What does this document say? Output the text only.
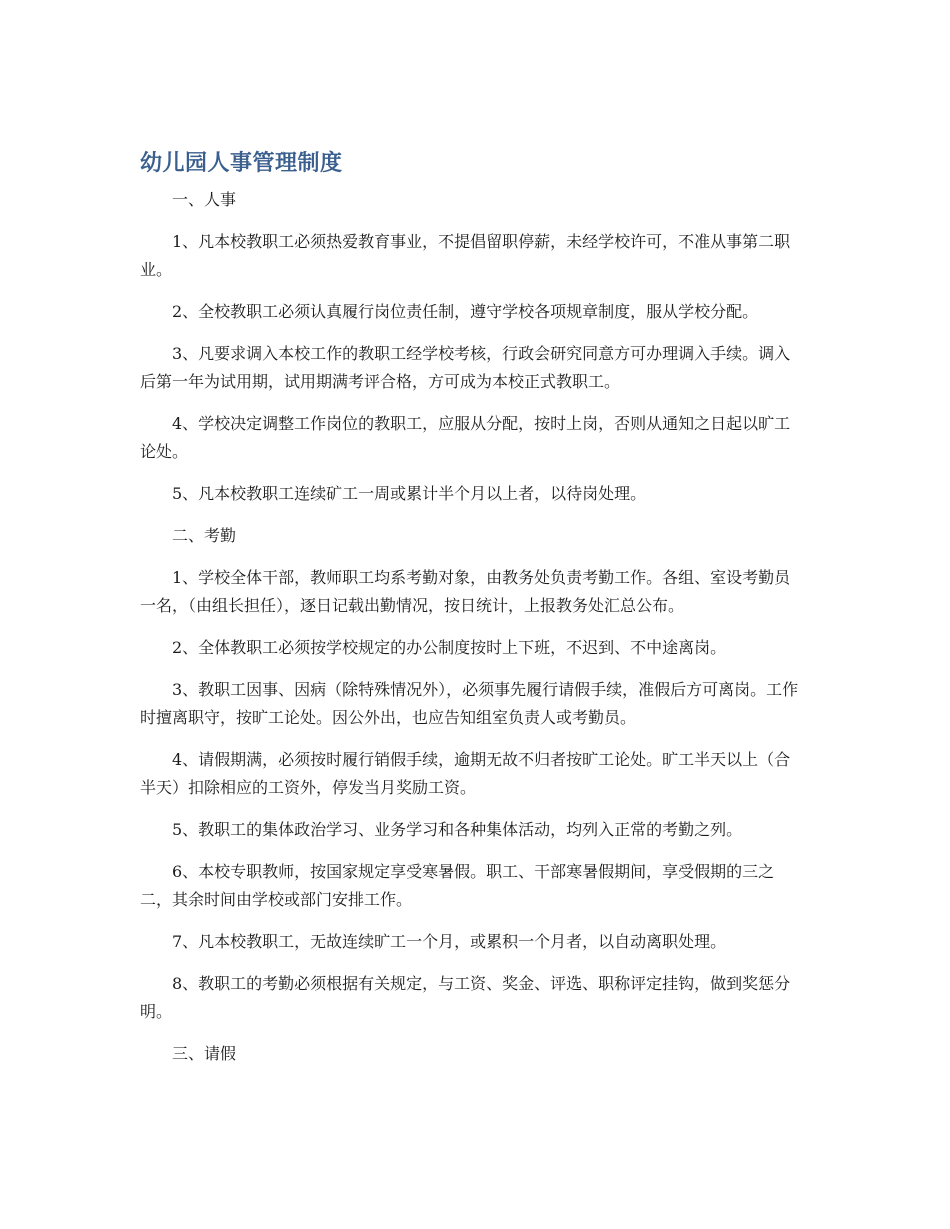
幼儿园人事管理制度

一、人事

1、凡本校教职工必须热爱教育事业，不提倡留职停薪，未经学校许可，不准从事第二职业。

2、全校教职工必须认真履行岗位责任制，遵守学校各项规章制度，服从学校分配。

3、凡要求调入本校工作的教职工经学校考核，行政会研究同意方可办理调入手续。调入后第一年为试用期，试用期满考评合格，方可成为本校正式教职工。

4、学校决定调整工作岗位的教职工，应服从分配，按时上岗，否则从通知之日起以旷工论处。

5、凡本校教职工连续矿工一周或累计半个月以上者，以待岗处理。

二、考勤

1、学校全体干部，教师职工均系考勤对象，由教务处负责考勤工作。各组、室设考勤员一名，（由组长担任），逐日记载出勤情况，按日统计，上报教务处汇总公布。

2、全体教职工必须按学校规定的办公制度按时上下班，不迟到、不中途离岗。

3、教职工因事、因病（除特殊情况外），必须事先履行请假手续，准假后方可离岗。工作时擅离职守，按旷工论处。因公外出，也应告知组室负责人或考勤员。

4、请假期满，必须按时履行销假手续，逾期无故不归者按旷工论处。旷工半天以上（合半天）扣除相应的工资外，停发当月奖励工资。

5、教职工的集体政治学习、业务学习和各种集体活动，均列入正常的考勤之列。

6、本校专职教师，按国家规定享受寒暑假。职工、干部寒暑假期间，享受假期的三之二，其余时间由学校或部门安排工作。

7、凡本校教职工，无故连续旷工一个月，或累积一个月者，以自动离职处理。

8、教职工的考勤必须根据有关规定，与工资、奖金、评选、职称评定挂钩，做到奖惩分明。

三、请假
